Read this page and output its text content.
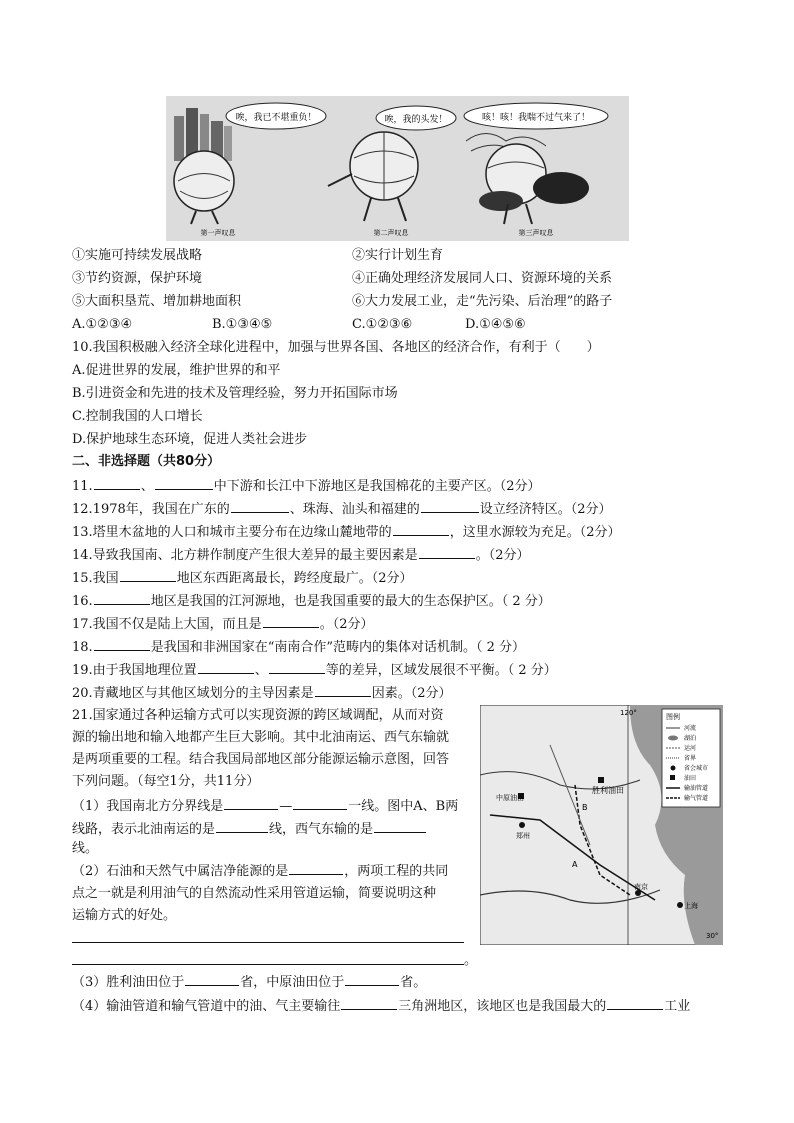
唉，我已不堪重负！
第一声叹息
唉，我的头发！
第二声叹息
咳！咳！我喘不过气来了！
第三声叹息
①实施可持续发展战略	②实行计划生育
③节约资源，保护环境	④正确处理经济发展同人口、资源环境的关系
⑤大面积垦荒、增加耕地面积	⑥大力发展工业，走“先污染、后治理”的路子
A.①②③④	B.①③④⑤	C.①②③⑥	D.①④⑤⑥
10.我国积极融入经济全球化进程中，加强与世界各国、各地区的经济合作，有利于（　　）
A.促进世界的发展，维护世界的和平
B.引进资金和先进的技术及管理经验，努力开拓国际市场
C.控制我国的人口增长
D.保护地球生态环境，促进人类社会进步
二、非选择题（共80分）
11.	、	中下游和长江中下游地区是我国棉花的主要产区。（2分）
12.1978年，我国在广东的	、珠海、汕头和福建的	设立经济特区。（2分）
13.塔里木盆地的人口和城市主要分布在边缘山麓地带的	，这里水源较为充足。（2分）
14.导致我国南、北方耕作制度产生很大差异的最主要因素是	。（2分）
15.我国	地区东西距离最长，跨经度最广。（2分）
16.	地区是我国的江河源地，也是我国重要的最大的生态保护区。（ 2 分）
17.我国不仅是陆上大国，而且是	。（2分）
18.	是我国和非洲国家在“南南合作”范畴内的集体对话机制。（ 2 分）
19.由于我国地理位置	、	等的差异，区域发展很不平衡。（ 2 分）
20.青藏地区与其他区域划分的主导因素是	因素。（2分）
21.国家通过各种运输方式可以实现资源的跨区域调配，从而对资
源的输出地和输入地都产生巨大影响。其中北油南运、西气东输就
是两项重要的工程。结合我国局部地区部分能源运输示意图，回答
下列问题。（每空1分，共11分）
（1）我国南北方分界线是	—	一线。图中A、B两
线路，表示北油南运的是	线，西气东输的是
线。
（2）石油和天然气中属洁净能源的是	，两项工程的共同
点之一就是利用油气的自然流动性采用管道运输，简要说明这种
运输方式的好处。
。
（3）胜利油田位于	省，中原油田位于	省。
（4）输油管道和输气管道中的油、气主要输往	三角洲地区，该地区也是我国最大的	工业
120°
30°
B
A
胜利油田
中原油田
郑州
南京
上海
图例
河流
湖泊
运河
省界
省会城市
油田
输油管道
输气管道
